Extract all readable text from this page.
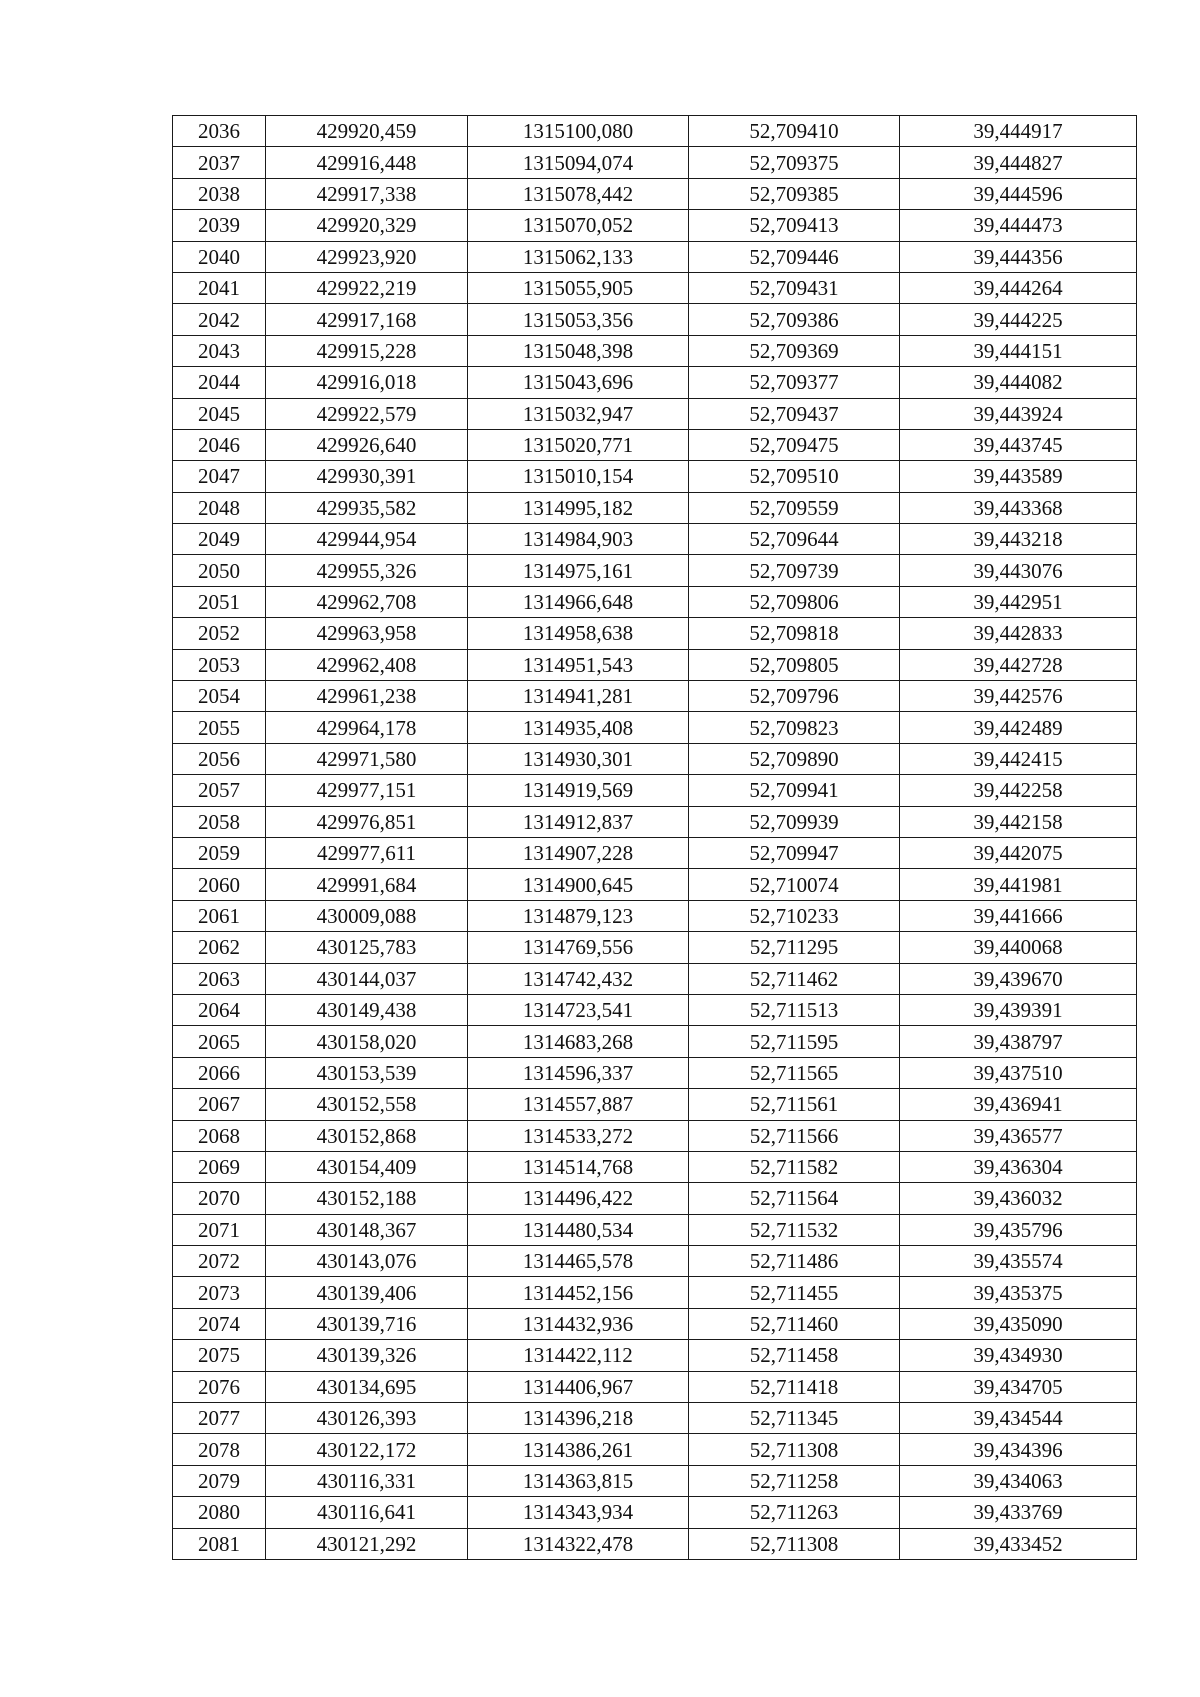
2036	429920,459	1315100,080	52,709410	39,444917
2037	429916,448	1315094,074	52,709375	39,444827
2038	429917,338	1315078,442	52,709385	39,444596
2039	429920,329	1315070,052	52,709413	39,444473
2040	429923,920	1315062,133	52,709446	39,444356
2041	429922,219	1315055,905	52,709431	39,444264
2042	429917,168	1315053,356	52,709386	39,444225
2043	429915,228	1315048,398	52,709369	39,444151
2044	429916,018	1315043,696	52,709377	39,444082
2045	429922,579	1315032,947	52,709437	39,443924
2046	429926,640	1315020,771	52,709475	39,443745
2047	429930,391	1315010,154	52,709510	39,443589
2048	429935,582	1314995,182	52,709559	39,443368
2049	429944,954	1314984,903	52,709644	39,443218
2050	429955,326	1314975,161	52,709739	39,443076
2051	429962,708	1314966,648	52,709806	39,442951
2052	429963,958	1314958,638	52,709818	39,442833
2053	429962,408	1314951,543	52,709805	39,442728
2054	429961,238	1314941,281	52,709796	39,442576
2055	429964,178	1314935,408	52,709823	39,442489
2056	429971,580	1314930,301	52,709890	39,442415
2057	429977,151	1314919,569	52,709941	39,442258
2058	429976,851	1314912,837	52,709939	39,442158
2059	429977,611	1314907,228	52,709947	39,442075
2060	429991,684	1314900,645	52,710074	39,441981
2061	430009,088	1314879,123	52,710233	39,441666
2062	430125,783	1314769,556	52,711295	39,440068
2063	430144,037	1314742,432	52,711462	39,439670
2064	430149,438	1314723,541	52,711513	39,439391
2065	430158,020	1314683,268	52,711595	39,438797
2066	430153,539	1314596,337	52,711565	39,437510
2067	430152,558	1314557,887	52,711561	39,436941
2068	430152,868	1314533,272	52,711566	39,436577
2069	430154,409	1314514,768	52,711582	39,436304
2070	430152,188	1314496,422	52,711564	39,436032
2071	430148,367	1314480,534	52,711532	39,435796
2072	430143,076	1314465,578	52,711486	39,435574
2073	430139,406	1314452,156	52,711455	39,435375
2074	430139,716	1314432,936	52,711460	39,435090
2075	430139,326	1314422,112	52,711458	39,434930
2076	430134,695	1314406,967	52,711418	39,434705
2077	430126,393	1314396,218	52,711345	39,434544
2078	430122,172	1314386,261	52,711308	39,434396
2079	430116,331	1314363,815	52,711258	39,434063
2080	430116,641	1314343,934	52,711263	39,433769
2081	430121,292	1314322,478	52,711308	39,433452
